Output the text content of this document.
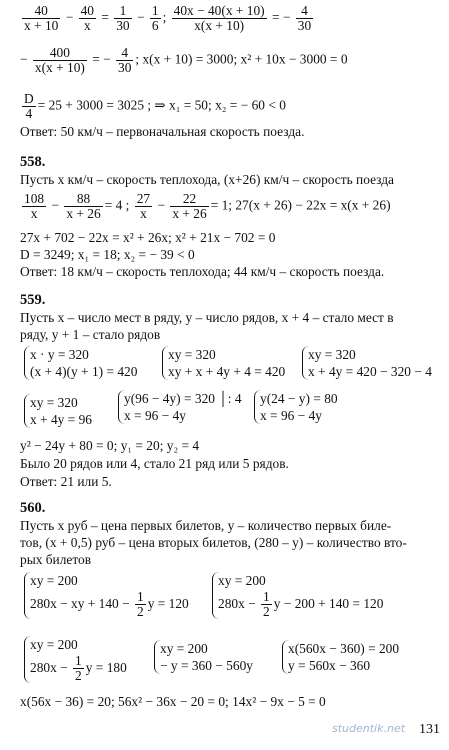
$\frac{40}{x + 10} - \frac{40}{x} = \frac{1}{30} - \frac{1}{6}$ ; $\frac{40x - 40(x + 10)}{x(x + 10)}$ = − $\frac{4}{30}$
− $\frac{400}{x(x + 10)}$ = − $\frac{4}{30}$ ; x(x + 10) = 3000; x² + 10x − 3000 = 0
$\frac{D}{4} = 25 + 3000 = 3025$ ; ⇒ x₁ = 50; x₂ = − 60 < 0
Ответ: 50 км/ч – первоначальная скорость поезда.
558.
Пусть x км/ч – скорость теплохода, (x+26) км/ч – скорость поезда
$\frac{108}{x} - \frac{88}{x + 26} = 4$ ; $\frac{27}{x} - \frac{22}{x + 26} = 1$; 27(x + 26) − 22x = x(x + 26)
27x + 702 − 22x = x² + 26x; x² + 21x − 702 = 0
D = 3249; x₁ = 18; x₂ = − 39 < 0
Ответ: 18 км/ч – скорость теплохода; 44 км/ч – скорость поезда.
559.
Пусть x – число мест в ряду, y – число рядов, x + 4 – стало мест в
ряду, y + 1 – стало рядов
x · y = 320
(x + 4)(y + 1) = 420
xy = 320
xy + x + 4y + 4 = 420
xy = 320
x + 4y = 420 − 320 − 4
xy = 320
x + 4y = 96
y(96 − 4y) = 320 │: 4
x = 96 − 4y
y(24 − y) = 80
x = 96 − 4y
y² − 24y + 80 = 0; y₁ = 20; y₂ = 4
Было 20 рядов или 4, стало 21 ряд или 5 рядов.
Ответ: 21 или 5.
560.
Пусть x руб – цена первых билетов, y – количество первых биле-
тов, (x + 0,5) руб – цена вторых билетов, (280 – y) – количество вто-
рых билетов
xy = 200
280x − xy + $140 - \frac{1}{2}$ y = 120
xy = 200
$280x - \frac{1}{2}$ y − 200 + 140 = 120
xy = 200
$280x - \frac{1}{2}$ y = 180
xy = 200
− y = 360 − 560y
x(560x − 360) = 200
y = 560x − 360
x(56x − 36) = 20; 56x² − 36x − 20 = 0; 14x² − 9x − 5 = 0
studentik.net 131
